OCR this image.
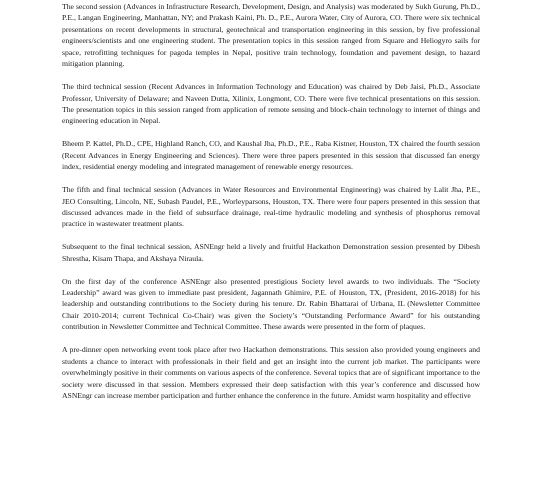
The second session (Advances in Infrastructure Research, Development, Design, and Analysis) was moderated by Sukh Gurung, Ph.D., P.E., Langan Engineering, Manhattan, NY; and Prakash Kaini, Ph. D., P.E., Aurora Water, City of Aurora, CO. There were six technical presentations on recent developments in structural, geotechnical and transportation engineering in this session, by five professional engineers/scientists and one engineering student. The presentation topics in this session ranged from Square and Heliogyro sails for space, retrofitting techniques for pagoda temples in Nepal, positive train technology, foundation and pavement design, to hazard mitigation planning.

The third technical session (Recent Advances in Information Technology and Education) was chaired by Deb Jaisi, Ph.D., Associate Professor, University of Delaware; and Naveen Dutta, Xilinix, Longmont, CO. There were five technical presentations on this session. The presentation topics in this session ranged from application of remote sensing and block-chain technology to internet of things and engineering education in Nepal.

Bheem P. Kattel, Ph.D., CPE, Highland Ranch, CO, and Kaushal Jha, Ph.D., P.E., Raba Kistner, Houston, TX chaired the fourth session (Recent Advances in Energy Engineering and Sciences). There were three papers presented in this session that discussed fan energy index, residential energy modeling and integrated management of renewable energy resources.

The fifth and final technical session (Advances in Water Resources and Environmental Engineering) was chaired by Lalit Jha, P.E., JEO Consulting, Lincoln, NE, Subash Paudel, P.E., Worleyparsons, Houston, TX. There were four papers presented in this session that discussed advances made in the field of subsurface drainage, real-time hydraulic modeling and synthesis of phosphorus removal practice in wastewater treatment plants.

Subsequent to the final technical session, ASNEngr held a lively and fruitful Hackathon Demonstration session presented by Dibesh Shrestha, Kisam Thapa, and Akshaya Niraula.

On the first day of the conference ASNEngr also presented prestigious Society level awards to two individuals. The “Society Leadership” award was given to immediate past president, Jagannath Ghimire, P.E. of Houston, TX, (President, 2016-2018) for his leadership and outstanding contributions to the Society during his tenure. Dr. Rabin Bhattarai of Urbana, IL (Newsletter Committee Chair 2010-2014; current Technical Co-Chair) was given the Society’s “Outstanding Performance Award” for his outstanding contribution in Newsletter Committee and Technical Committee. These awards were presented in the form of plaques.

A pre-dinner open networking event took place after two Hackathon demonstrations. This session also provided young engineers and students a chance to interact with professionals in their field and get an insight into the current job market. The participants were overwhelmingly positive in their comments on various aspects of the conference. Several topics that are of significant importance to the society were discussed in that session. Members expressed their deep satisfaction with this year’s conference and discussed how ASNEngr can increase member participation and further enhance the conference in the future. Amidst warm hospitality and effective
